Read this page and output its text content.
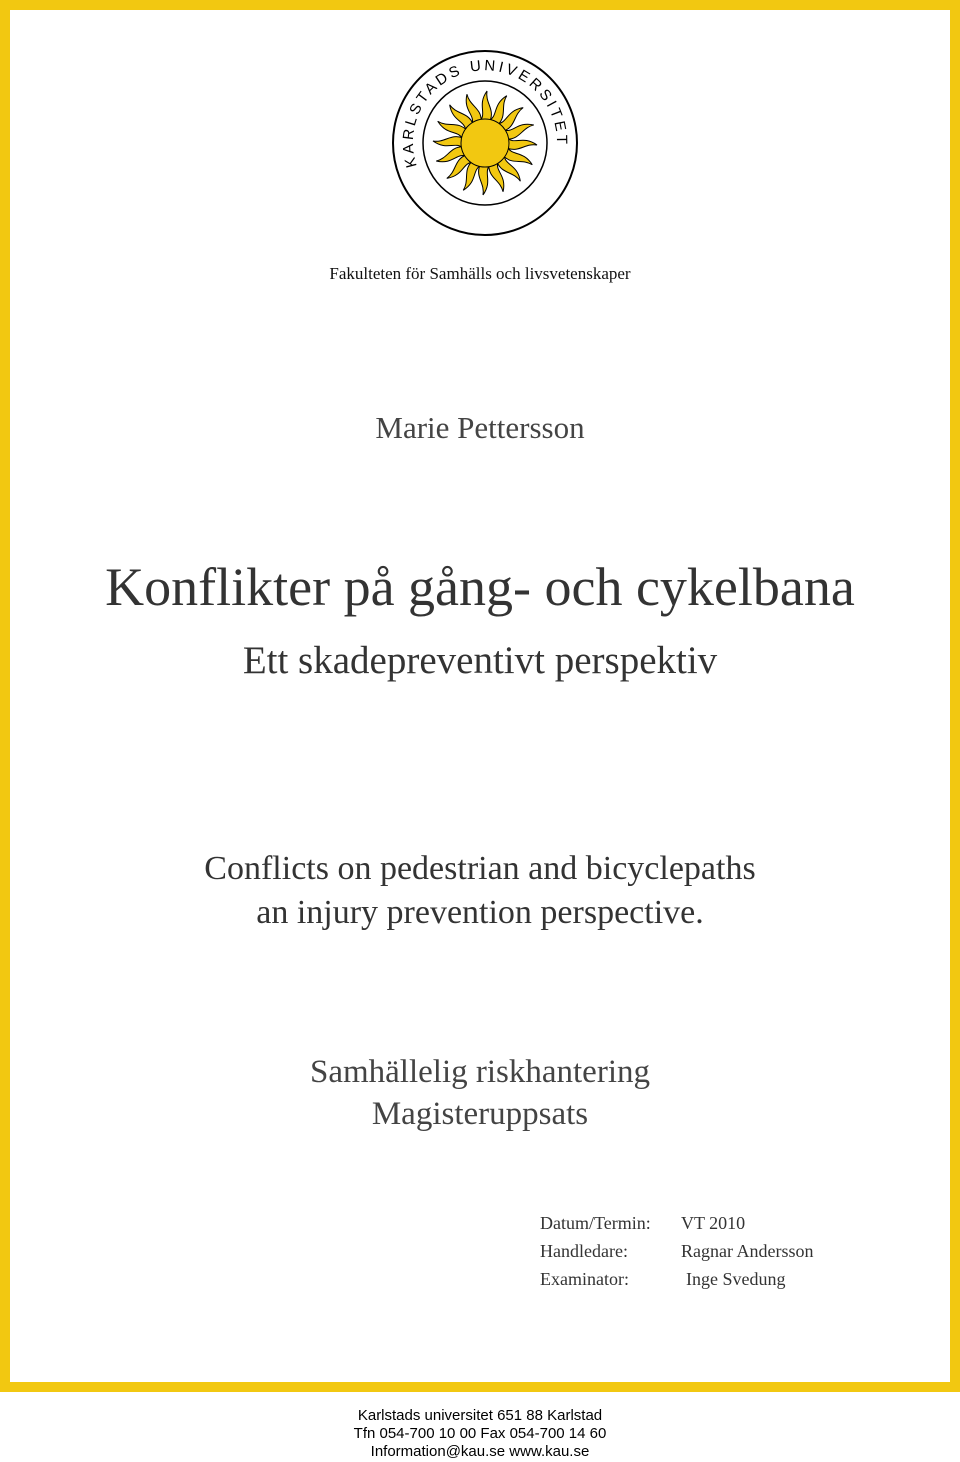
KARLSTADS UNIVERSITET
Fakulteten för Samhälls och livsvetenskaper
Marie Pettersson
Konflikter på gång- och cykelbana
Ett skadepreventivt perspektiv
Conflicts on pedestrian and bicyclepaths
an injury prevention perspective.
Samhällelig riskhantering
Magisteruppsats
Datum/Termin: VT 2010
Handledare:	Ragnar Andersson
Examinator:	Inge Svedung
Karlstads universitet 651 88 Karlstad
Tfn 054-700 10 00 Fax 054-700 14 60
Information@kau.se www.kau.se
